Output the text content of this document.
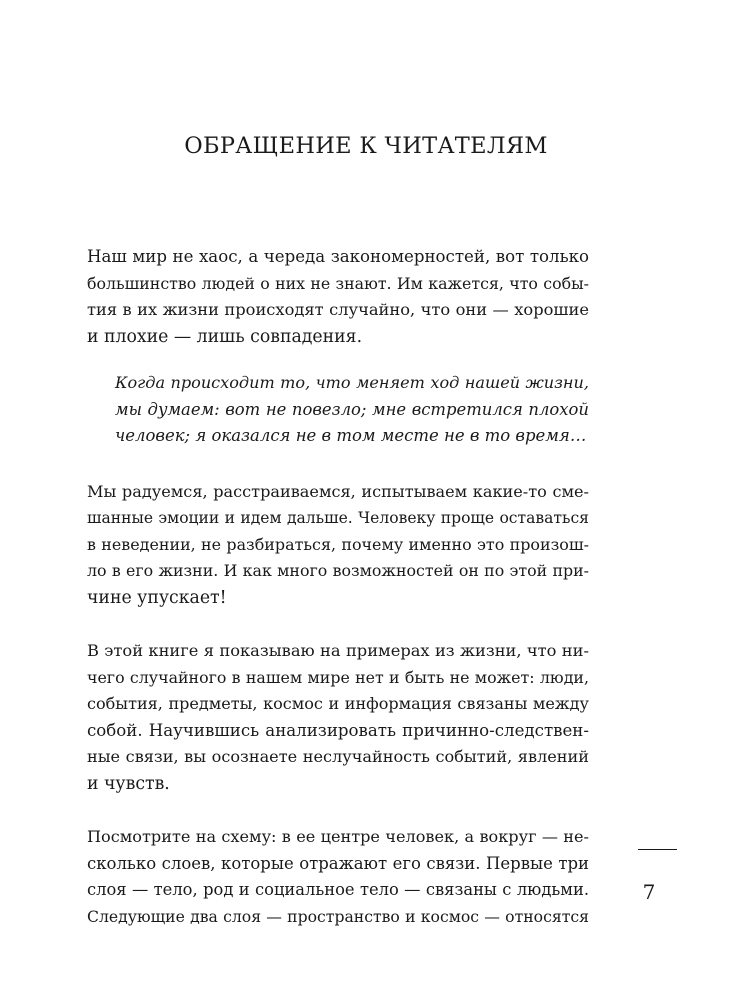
ОБРАЩЕНИЕ К ЧИТАТЕЛЯМ

Наш мир не хаос, а череда закономерностей, вот только
большинство людей о них не знают. Им кажется, что собы-
тия в их жизни происходят случайно, что они — хорошие
и плохие — лишь совпадения.

Когда происходит то, что меняет ход нашей жизни,
мы думаем: вот не повезло; мне встретился плохой
человек; я оказался не в том месте не в то время…

Мы радуемся, расстраиваемся, испытываем какие-то сме-
шанные эмоции и идем дальше. Человеку проще оставаться
в неведении, не разбираться, почему именно это произош-
ло в его жизни. И как много возможностей он по этой при-
чине упускает!

В этой книге я показываю на примерах из жизни, что ни-
чего случайного в нашем мире нет и быть не может: люди,
события, предметы, космос и информация связаны между
собой. Научившись анализировать причинно-следствен-
ные связи, вы осознаете неслучайность событий, явлений
и чувств.

Посмотрите на схему: в ее центре человек, а вокруг — не-
сколько слоев, которые отражают его связи. Первые три
слоя — тело, род и социальное тело — связаны с людьми.
Следующие два слоя — пространство и космос — относятся

7
